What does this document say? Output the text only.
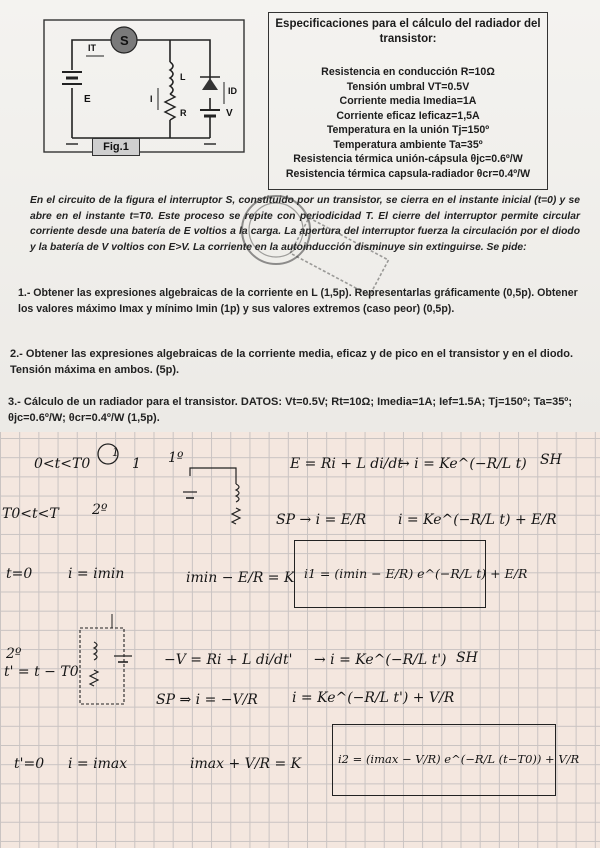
S
IT
E
L
R
I
V
ID
Fig.1
Especificaciones para el cálculo del radiador del transistor:
Resistencia en conducción R=10Ω
Tensión umbral VT=0.5V
Corriente media Imedia=1A
Corriente eficaz Ieficaz=1,5A
Temperatura en la unión Tj=150º
Temperatura ambiente Ta=35º
Resistencia térmica unión-cápsula θjc=0.6º/W
Resistencia térmica capsula-radiador θcr=0.4º/W
En el circuito de la figura el interruptor S, constituido por un transistor, se cierra en el instante inicial (t=0) y se abre en el instante t=T0. Este proceso se repite con periodicidad T. El cierre del interruptor permite circular corriente desde una batería de E voltios a la carga. La apertura del interruptor fuerza la circulación por el diodo y la batería de V voltios con E>V. La corriente en la autoinducción disminuye sin extinguirse. Se pide:
1.- Obtener las expresiones algebraicas de la corriente en L (1,5p). Representarlas gráficamente (0,5p). Obtener los valores máximo Imax y mínimo Imin (1p) y sus valores extremos (caso peor) (0,5p).
2.- Obtener las expresiones algebraicas de la corriente media, eficaz y de pico en el transistor y en el diodo. Tensión máxima en ambos. (5p).
3.- Cálculo de un radiador para el transistor. DATOS: Vt=0.5V; Rt=10Ω; Imedia=1A; Ief=1.5A; Tj=150º; Ta=35º; θjc=0.6º/W; θcr=0.4º/W (1,5p).
1
0<t<T0	1 1º	E = Ri + L di/dt
→ i = Ke^(−R/L t) SH
T0<t<T 2º
SP → i = E/R i = Ke^(−R/L t) + E/R
t=0	i = imin	imin − E/R = K i1 = (imin − E/R) e^(−R/L t) + E/R
2º
t' = t − T0
−V = Ri + L di/dt' → i = Ke^(−R/L t') SH
SP ⇒ i = −V/R i = Ke^(−R/L t') + V/R
t'=0 i = imax	imax + V/R = K	i2 = (imax − V/R) e^(−R/L (t−T0)) + V/R
